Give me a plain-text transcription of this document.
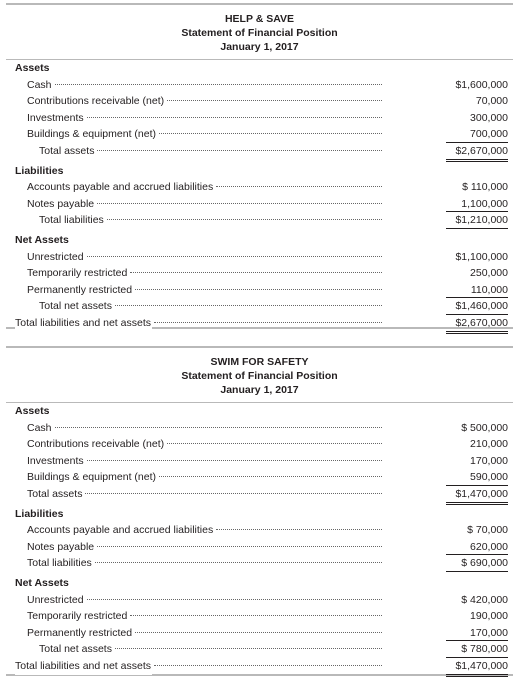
HELP & SAVE
Statement of Financial Position
January 1, 2017
Assets
Cash	$1,600,000
Contributions receivable (net)	70,000
Investments	300,000
Buildings & equipment (net)	700,000
Total assets	$2,670,000
Liabilities
Accounts payable and accrued liabilities	$ 110,000
Notes payable	1,100,000
Total liabilities	$1,210,000
Net Assets
Unrestricted	$1,100,000
Temporarily restricted	250,000
Permanently restricted	110,000
Total net assets	$1,460,000
Total liabilities and net assets	$2,670,000
SWIM FOR SAFETY
Statement of Financial Position
January 1, 2017
Assets
Cash	$ 500,000
Contributions receivable (net)	210,000
Investments	170,000
Buildings & equipment (net)	590,000
Total assets	$1,470,000
Liabilities
Accounts payable and accrued liabilities	$ 70,000
Notes payable	620,000
Total liabilities	$ 690,000
Net Assets
Unrestricted	$ 420,000
Temporarily restricted	190,000
Permanently restricted	170,000
Total net assets	$ 780,000
Total liabilities and net assets	$1,470,000
